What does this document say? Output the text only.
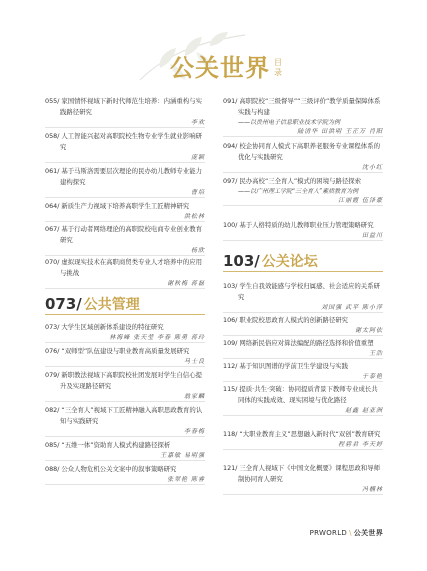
公关世界 目录
055/ 家国情怀视域下新时代师范生培养：内涵重构与实践路径研究
李欢
058/ 人工智能兴起对高职院校生物专业学生就业影响研究
庞颖
061/ 基于马斯洛需要层次理论的民办幼儿教师专业能力建构探究
曹培
064/ 新质生产力视域下培养高职学生工匠精神研究
洪松林
067/ 基于行动者网络理论的高职院校电商专业创业教育研究
杨欣
070/ 虚拟现实技术在高职商贸类专业人才培养中的应用与挑战
谢秋梅 蒋磊
073/ 公共管理
073/ 大学生区域创新体系建设的特征研究
林海峰 张天莹 李春 陈勇 蒋玲
076/ “双师型”队伍建设与职业教育高质量发展研究
马士良
079/ 新职教法视域下高职院校社团发展对学生自信心提升及实现路径研究
翁家麟
082/ “三全育人”视域下工匠精神融入高职思政教育的认知与实践研究
李春梅
085/ “五维一体”资助育人模式构建路径探析
王嘉敏 易明强
088/ 公众人物危机公关文案中的叙事策略研究
张翠艳 陈睿
091/ 高职院校“三级督导”“三级评价”教学质量保障体系实践与构建
——以贵州电子信息职业技术学院为例
陆清华 田洪明 王正万 肖阳
094/ 校企协同育人模式下高职养老服务专业课程体系的优化与实践研究
沈小红
097/ 民办高校“三全育人”模式的困境与路径探索
——以广州理工学院“三全育人”素质教育为例
江丽霞 伍泽豪
100/ 基于人格特质的幼儿教师职业压力管理策略研究
田益川
103/ 公关论坛
103/ 学生自我效能感与学校归属感、社会适应的关系研究
刘国强 武平 陈小萍
106/ 职业院校思政育人模式的创新路径研究
谢太阿依
109/ 网络新民俗应对算法编配的路径选择和价值重塑
王浩
112/ 基于知识图谱的学前卫生学建设与实践
于泰艳
115/ 提质·共生·突破：协同提质背景下教师专业成长共同体的实践成效、现实困境与优化路径
赵鑫 赵亚洲
118/ “大职业教育主义”思想融入新时代“双创”教育研究
程碧君 李天婷
121/ 三全育人视域下《中国文化概要》课程思政和导师制协同育人研究
冯楠林
PRWORLD \ 公关世界
